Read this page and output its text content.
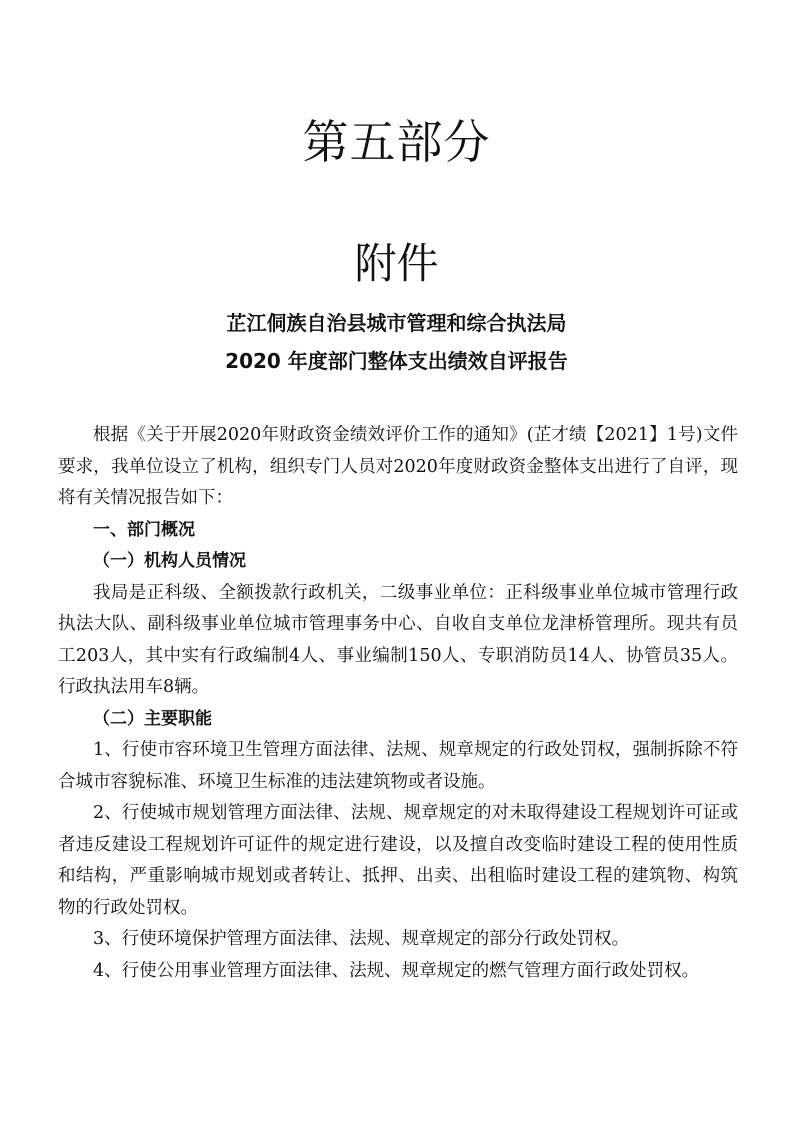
第五部分
附件
芷江侗族自治县城市管理和综合执法局
2020 年度部门整体支出绩效自评报告

根据《关于开展2020年财政资金绩效评价工作的通知》(芷才绩【2021】1号)文件要求，我单位设立了机构，组织专门人员对2020年度财政资金整体支出进行了自评，现将有关情况报告如下：

一、部门概况

（一）机构人员情况

我局是正科级、全额拨款行政机关，二级事业单位：正科级事业单位城市管理行政执法大队、副科级事业单位城市管理事务中心、自收自支单位龙津桥管理所。现共有员工203人，其中实有行政编制4人、事业编制150人、专职消防员14人、协管员35人。行政执法用车8辆。

（二）主要职能

1、行使市容环境卫生管理方面法律、法规、规章规定的行政处罚权，强制拆除不符合城市容貌标准、环境卫生标准的违法建筑物或者设施。

2、行使城市规划管理方面法律、法规、规章规定的对未取得建设工程规划许可证或者违反建设工程规划许可证件的规定进行建设，以及擅自改变临时建设工程的使用性质和结构，严重影响城市规划或者转让、抵押、出卖、出租临时建设工程的建筑物、构筑物的行政处罚权。

3、行使环境保护管理方面法律、法规、规章规定的部分行政处罚权。

4、行使公用事业管理方面法律、法规、规章规定的燃气管理方面行政处罚权。
